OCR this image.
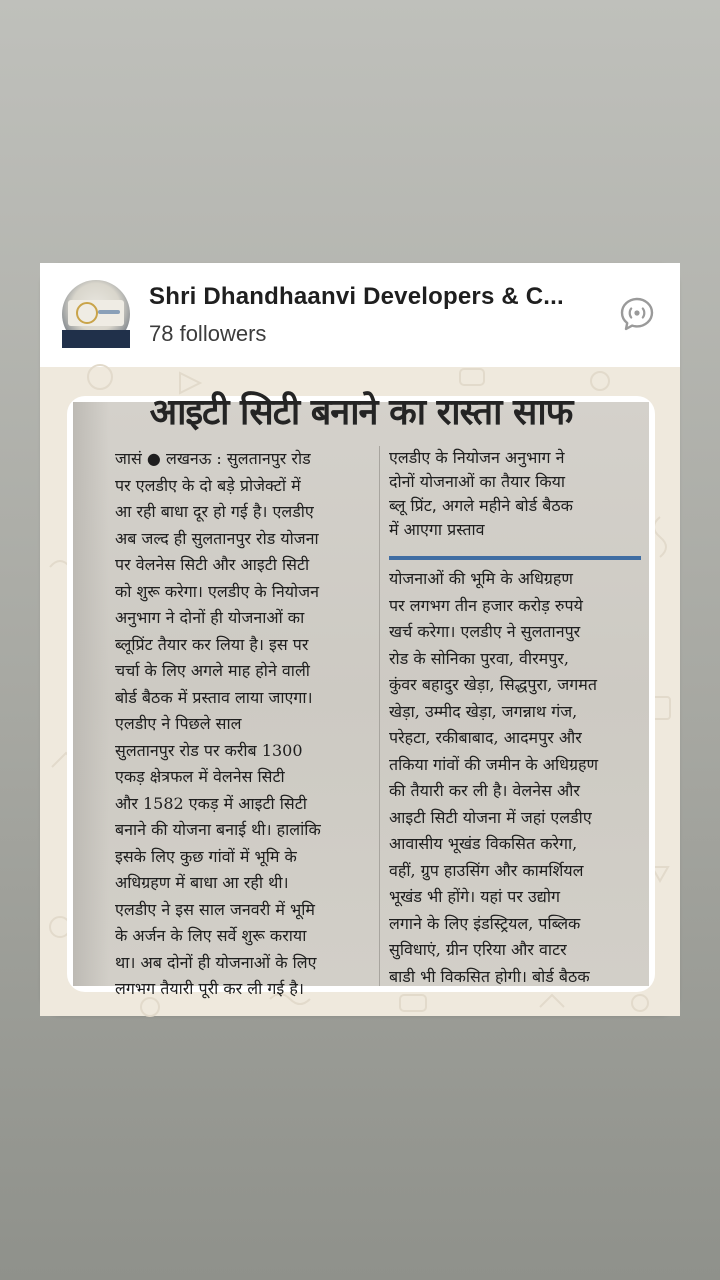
Shri Dhandhaanvi Developers & C...
78 followers
आइटी सिटी बनाने का रास्ता साफ
जासं ● लखनऊ : सुलतानपुर रोड
पर एलडीए के दो बड़े प्रोजेक्टों में
आ रही बाधा दूर हो गई है। एलडीए
अब जल्द ही सुलतानपुर रोड योजना
पर वेलनेस सिटी और आइटी सिटी
को शुरू करेगा। एलडीए के नियोजन
अनुभाग ने दोनों ही योजनाओं का
ब्लूप्रिंट तैयार कर लिया है। इस पर
चर्चा के लिए अगले माह होने वाली
बोर्ड बैठक में प्रस्ताव लाया जाएगा।
एलडीए ने पिछले साल
सुलतानपुर रोड पर करीब 1300
एकड़ क्षेत्रफल में वेलनेस सिटी
और 1582 एकड़ में आइटी सिटी
बनाने की योजना बनाई थी। हालांकि
इसके लिए कुछ गांवों में भूमि के
अधिग्रहण में बाधा आ रही थी।
एलडीए ने इस साल जनवरी में भूमि
के अर्जन के लिए सर्वे शुरू कराया
था। अब दोनों ही योजनाओं के लिए
लगभग तैयारी पूरी कर ली गई है।
एलडीए के नियोजन अनुभाग ने
दोनों योजनाओं का तैयार किया
ब्लू प्रिंट, अगले महीने बोर्ड बैठक
में आएगा प्रस्ताव
योजनाओं की भूमि के अधिग्रहण
पर लगभग तीन हजार करोड़ रुपये
खर्च करेगा। एलडीए ने सुलतानपुर
रोड के सोनिका पुरवा, वीरमपुर,
कुंवर बहादुर खेड़ा, सिद्धपुरा, जगमत
खेड़ा, उम्मीद खेड़ा, जगन्नाथ गंज,
परेहटा, रकीबाबाद, आदमपुर और
तकिया गांवों की जमीन के अधिग्रहण
की तैयारी कर ली है। वेलनेस और
आइटी सिटी योजना में जहां एलडीए
आवासीय भूखंड विकसित करेगा,
वहीं, ग्रुप हाउसिंग और कामर्शियल
भूखंड भी होंगे। यहां पर उद्योग
लगाने के लिए इंडस्ट्रियल, पब्लिक
सुविधाएं, ग्रीन एरिया और वाटर
बाडी भी विकसित होगी। बोर्ड बैठक
